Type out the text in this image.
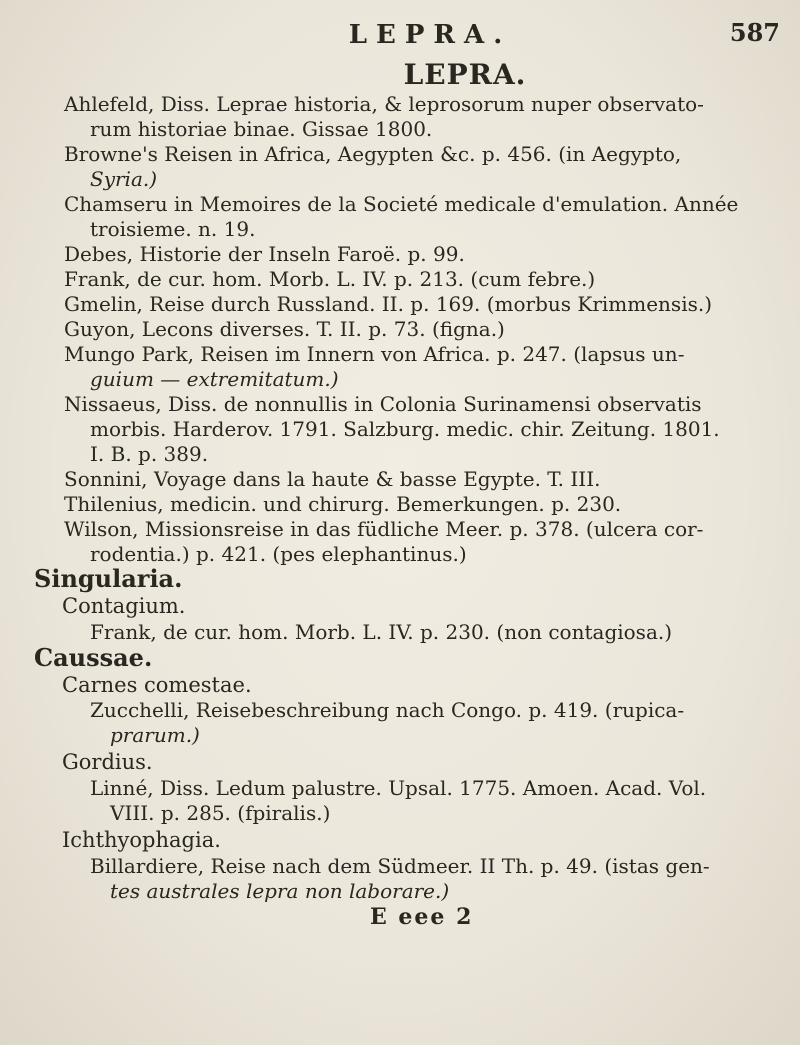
LEPRA.	587
LEPRA.
Ahlefeld, Diss. Leprae historia, & leprosorum nuper observato-
rum historiae binae. Gissae 1800.
Browne's Reisen in Africa, Aegypten &c. p. 456. (in Aegypto,
Syria.)
Chamseru in Memoires de la Societé medicale d'emulation. Année
troisieme. n. 19.
Debes, Historie der Inseln Faroë. p. 99.
Frank, de cur. hom. Morb. L. IV. p. 213. (cum febre.)
Gmelin, Reise durch Russland. II. p. 169. (morbus Krimmensis.)
Guyon, Lecons diverses. T. II. p. 73. (figna.)
Mungo Park, Reisen im Innern von Africa. p. 247. (lapsus un-
guium — extremitatum.)
Nissaeus, Diss. de nonnullis in Colonia Surinamensi observatis
morbis. Harderov. 1791. Salzburg. medic. chir. Zeitung. 1801.
I. B. p. 389.
Sonnini, Voyage dans la haute & basse Egypte. T. III.
Thilenius, medicin. und chirurg. Bemerkungen. p. 230.
Wilson, Missionsreise in das füdliche Meer. p. 378. (ulcera cor-
rodentia.) p. 421. (pes elephantinus.)
Singularia.
Contagium.
Frank, de cur. hom. Morb. L. IV. p. 230. (non contagiosa.)
Caussae.
Carnes comestae.
Zucchelli, Reisebeschreibung nach Congo. p. 419. (rupica-
prarum.)
Gordius.
Linné, Diss. Ledum palustre. Upsal. 1775. Amoen. Acad. Vol.
VIII. p. 285. (fpiralis.)
Ichthyophagia.
Billardiere, Reise nach dem Südmeer. II Th. p. 49. (istas gen-
tes australes lepra non laborare.)
E eee 2
